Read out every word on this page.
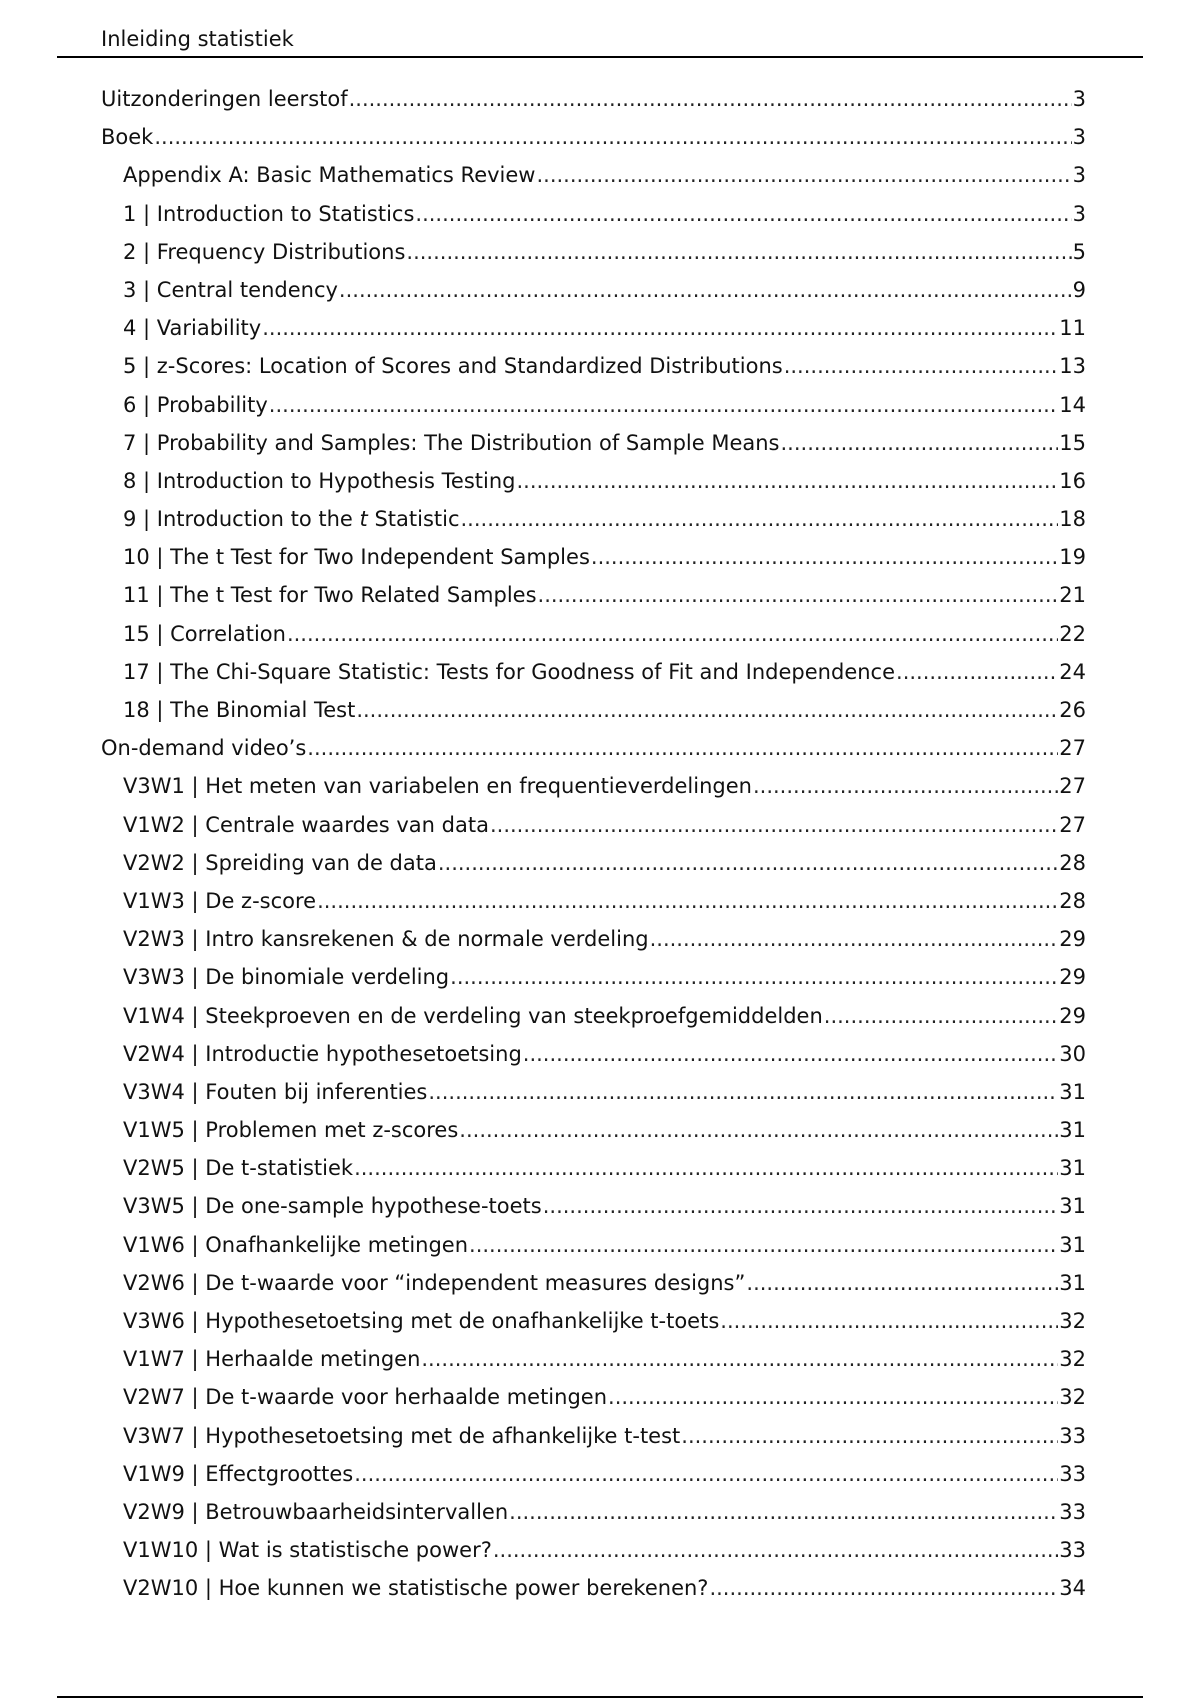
Inleiding statistiek
Uitzonderingen leerstof .....	3
Boek .....	3
Appendix A: Basic Mathematics Review .....	3
1 | Introduction to Statistics .....	3
2 | Frequency Distributions .....	5
3 | Central tendency .....	9
4 | Variability .....	11
5 | z-Scores: Location of Scores and Standardized Distributions .....	13
6 | Probability .....	14
7 | Probability and Samples: The Distribution of Sample Means .....	15
8 | Introduction to Hypothesis Testing .....	16
9 | Introduction to the t Statistic .....	18
10 | The t Test for Two Independent Samples .....	19
11 | The t Test for Two Related Samples .....	21
15 | Correlation .....	22
17 | The Chi-Square Statistic: Tests for Goodness of Fit and Independence .....	24
18 | The Binomial Test .....	26
On-demand video’s .....	27
V3W1 | Het meten van variabelen en frequentieverdelingen .....	27
V1W2 | Centrale waardes van data .....	27
V2W2 | Spreiding van de data .....	28
V1W3 | De z-score .....	28
V2W3 | Intro kansrekenen & de normale verdeling .....	29
V3W3 | De binomiale verdeling .....	29
V1W4 | Steekproeven en de verdeling van steekproefgemiddelden .....	29
V2W4 | Introductie hypothesetoetsing .....	30
V3W4 | Fouten bij inferenties .....	31
V1W5 | Problemen met z-scores .....	31
V2W5 | De t-statistiek .....	31
V3W5 | De one-sample hypothese-toets .....	31
V1W6 | Onafhankelijke metingen .....	31
V2W6 | De t-waarde voor “independent measures designs” .....	31
V3W6 | Hypothesetoetsing met de onafhankelijke t-toets .....	32
V1W7 | Herhaalde metingen .....	32
V2W7 | De t-waarde voor herhaalde metingen .....	32
V3W7 | Hypothesetoetsing met de afhankelijke t-test .....	33
V1W9 | Effectgroottes .....	33
V2W9 | Betrouwbaarheidsintervallen .....	33
V1W10 | Wat is statistische power? .....	33
V2W10 | Hoe kunnen we statistische power berekenen? .....	34
